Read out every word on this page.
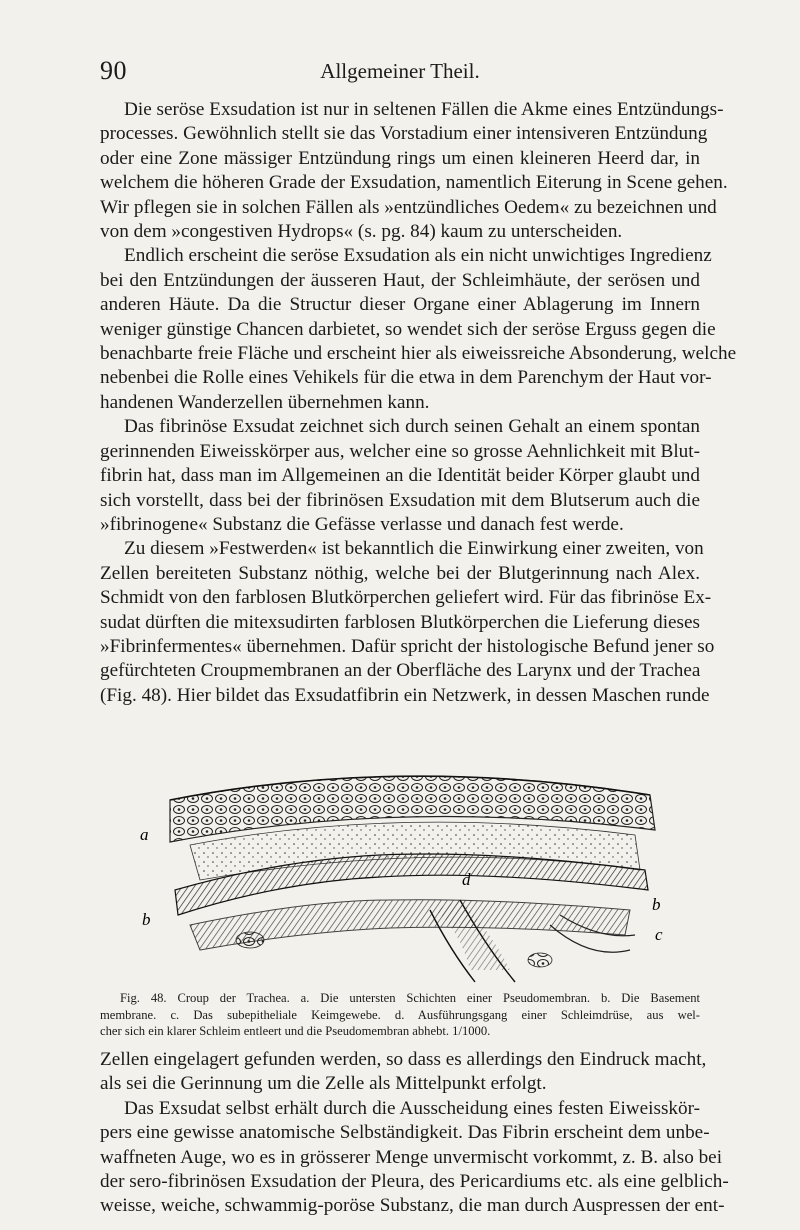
90	Allgemeiner Theil.
Die seröse Exsudation ist nur in seltenen Fällen die Akme eines Entzündungs-
processes. Gewöhnlich stellt sie das Vorstadium einer intensiveren Entzündung
oder eine Zone mässiger Entzündung rings um einen kleineren Heerd dar, in
welchem die höheren Grade der Exsudation, namentlich Eiterung in Scene gehen.
Wir pflegen sie in solchen Fällen als »entzündliches Oedem« zu bezeichnen und
von dem »congestiven Hydrops« (s. pg. 84) kaum zu unterscheiden.
Endlich erscheint die seröse Exsudation als ein nicht unwichtiges Ingredienz
bei den Entzündungen der äusseren Haut, der Schleimhäute, der serösen und
anderen Häute. Da die Structur dieser Organe einer Ablagerung im Innern
weniger günstige Chancen darbietet, so wendet sich der seröse Erguss gegen die
benachbarte freie Fläche und erscheint hier als eiweissreiche Absonderung, welche
nebenbei die Rolle eines Vehikels für die etwa in dem Parenchym der Haut vor-
handenen Wanderzellen übernehmen kann.
Das fibrinöse Exsudat zeichnet sich durch seinen Gehalt an einem spontan
gerinnenden Eiweisskörper aus, welcher eine so grosse Aehnlichkeit mit Blut-
fibrin hat, dass man im Allgemeinen an die Identität beider Körper glaubt und
sich vorstellt, dass bei der fibrinösen Exsudation mit dem Blutserum auch die
»fibrinogene« Substanz die Gefässe verlasse und danach fest werde.
Zu diesem »Festwerden« ist bekanntlich die Einwirkung einer zweiten, von
Zellen bereiteten Substanz nöthig, welche bei der Blutgerinnung nach Alex.
Schmidt von den farblosen Blutkörperchen geliefert wird. Für das fibrinöse Ex-
sudat dürften die mitexsudirten farblosen Blutkörperchen die Lieferung dieses
»Fibrinfermentes« übernehmen. Dafür spricht der histologische Befund jener so
gefürchteten Croupmembranen an der Oberfläche des Larynx und der Trachea
(Fig. 48). Hier bildet das Exsudatfibrin ein Netzwerk, in dessen Maschen runde
a
b
b
c
d
Fig. 48. Croup der Trachea. a. Die untersten Schichten einer Pseudomembran. b. Die Basement
membrane. c. Das subepitheliale Keimgewebe. d. Ausführungsgang einer Schleimdrüse, aus wel-
cher sich ein klarer Schleim entleert und die Pseudomembran abhebt. 1/1000.
Zellen eingelagert gefunden werden, so dass es allerdings den Eindruck macht,
als sei die Gerinnung um die Zelle als Mittelpunkt erfolgt.
Das Exsudat selbst erhält durch die Ausscheidung eines festen Eiweisskör-
pers eine gewisse anatomische Selbständigkeit. Das Fibrin erscheint dem unbe-
waffneten Auge, wo es in grösserer Menge unvermischt vorkommt, z. B. also bei
der sero-fibrinösen Exsudation der Pleura, des Pericardiums etc. als eine gelblich-
weisse, weiche, schwammig-poröse Substanz, die man durch Auspressen der ent-
